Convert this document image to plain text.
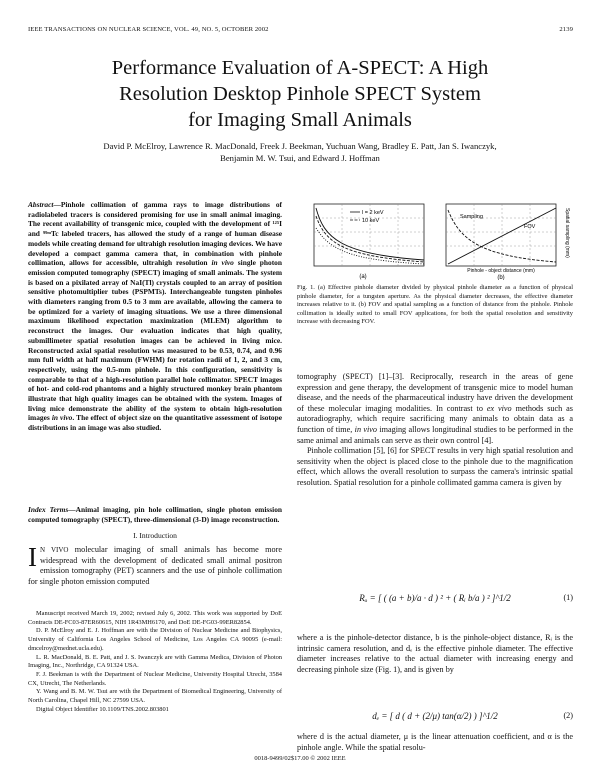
IEEE TRANSACTIONS ON NUCLEAR SCIENCE, VOL. 49, NO. 5, OCTOBER 2002	2139
Performance Evaluation of A-SPECT: A High
Resolution Desktop Pinhole SPECT System
for Imaging Small Animals
David P. McElroy, Lawrence R. MacDonald, Freek J. Beekman, Yuchuan Wang, Bradley E. Patt, Jan S. Iwanczyk,
Benjamin M. W. Tsui, and Edward J. Hoffman
Abstract—Pinhole collimation of gamma rays to image distributions of radiolabeled tracers is considered promising for use in small animal imaging. The recent availability of transgenic mice, coupled with the development of ¹²⁵I and ⁹⁹ᵐTc labeled tracers, has allowed the study of a range of human disease models while creating demand for ultrahigh resolution imaging devices. We have developed a compact gamma camera that, in combination with pinhole collimation, allows for accessible, ultrahigh resolution in vivo single photon emission computed tomography (SPECT) imaging of small animals. The system is based on a pixilated array of NaI(Tl) crystals coupled to an array of position sensitive photomultiplier tubes (PSPMTs). Interchangeable tungsten pinholes with diameters ranging from 0.5 to 3 mm are available, allowing the camera to be optimized for a variety of imaging situations. We use a three dimensional maximum likelihood expectation maximization (MLEM) algorithm to reconstruct the images. Our evaluation indicates that high quality, submillimeter spatial resolution images can be achieved in living mice. Reconstructed axial spatial resolution was measured to be 0.53, 0.74, and 0.96 mm full width at half maximum (FWHM) for rotation radii of 1, 2, and 3 cm, respectively, using the 0.5-mm pinhole. In this configuration, sensitivity is comparable to that of a high-resolution parallel hole collimator. SPECT images of hot- and cold-rod phantoms and a highly structured monkey brain phantom illustrate that high quality images can be obtained with the system. Images of living mice demonstrate the ability of the system to obtain high-resolution images in vivo. The effect of object size on the quantitative assessment of isotope distributions in an image was also studied.
Index Terms—Animal imaging, pin hole collimation, single photon emission computed tomography (SPECT), three-dimensional (3-D) image reconstruction.
I. Introduction
I N VIVO molecular imaging of small animals has become more widespread with the development of dedicated small animal positron emission tomography (PET) scanners and the use of pinhole collimation for single photon emission computed

Manuscript received March 19, 2002; revised July 6, 2002. This work was supported by DoE Contracts DE-FC03-87ER60615, NIH 1R43MH6170, and DoE DE-FG03-99ER82854.

D. P. McElroy and E. J. Hoffman are with the Division of Nuclear Medicine and Biophysics, University of California Los Angeles School of Medicine, Los Angeles CA 90095 (e-mail: dmcelroy@mednet.ucla.edu).

L. R. MacDonald, B. E. Patt, and J. S. Iwanczyk are with Gamma Medica, Division of Photon Imaging, Inc., Northridge, CA 91324 USA.

F. J. Beekman is with the Department of Nuclear Medicine, University Hospital Utrecht, 3584 CX, Utrecht, The Netherlands.

Y. Wang and B. M. W. Tsui are with the Department of Biomedical Engineering, University of North Carolina, Chapel Hill, NC 27599 USA.

Digital Object Identifier 10.1109/TNS.2002.803801

l = 2 keV
10 keV
(a)
Sampling
FOV	Spatial sampling (mm)
Pinhole - object distance (mm)
(b)
Fig. 1. (a) Effective pinhole diameter divided by physical pinhole diameter as a function of physical pinhole diameter, for a tungsten aperture. As the physical diameter decreases, the effective diameter increases relative to it. (b) FOV and spatial sampling as a function of distance from the pinhole. Pinhole collimation is ideally suited to small FOV applications, for both the spatial resolution and sensitivity increase with decreasing FOV.

tomography (SPECT) [1]–[3]. Reciprocally, research in the areas of gene expression and gene therapy, the development of transgenic mice to model human disease, and the needs of the pharmaceutical industry have driven the development of these molecular imaging modalities. In contrast to ex vivo methods such as autoradiography, which require sacrificing many animals to obtain data as a function of time, in vivo imaging allows longitudinal studies to be performed in the same animal and animals can serve as their own control [4].

Pinhole collimation [5], [6] for SPECT results in very high spatial resolution and sensitivity when the object is placed close to the pinhole due to the magnification effect, which allows the overall resolution to surpass the camera's intrinsic spatial resolution. Spatial resolution for a pinhole collimated gamma camera is given by

Rₒ = [ ( (a + b)/a · d ) ² + ( Rᵢ b/a ) ² ]^1/2	(1)
where a is the pinhole-detector distance, b is the pinhole-object distance, Rᵢ is the intrinsic camera resolution, and dₑ is the effective pinhole diameter. The effective diameter increases relative to the actual diameter with increasing energy and decreasing pinhole size (Fig. 1), and is given by
dₑ = [ d ( d + (2/μ) tan(α/2) ) ]^1/2	(2)
where d is the actual diameter, μ is the linear attenuation coefficient, and α is the pinhole angle. While the spatial resolu-
0018-9499/02$17.00 © 2002 IEEE
